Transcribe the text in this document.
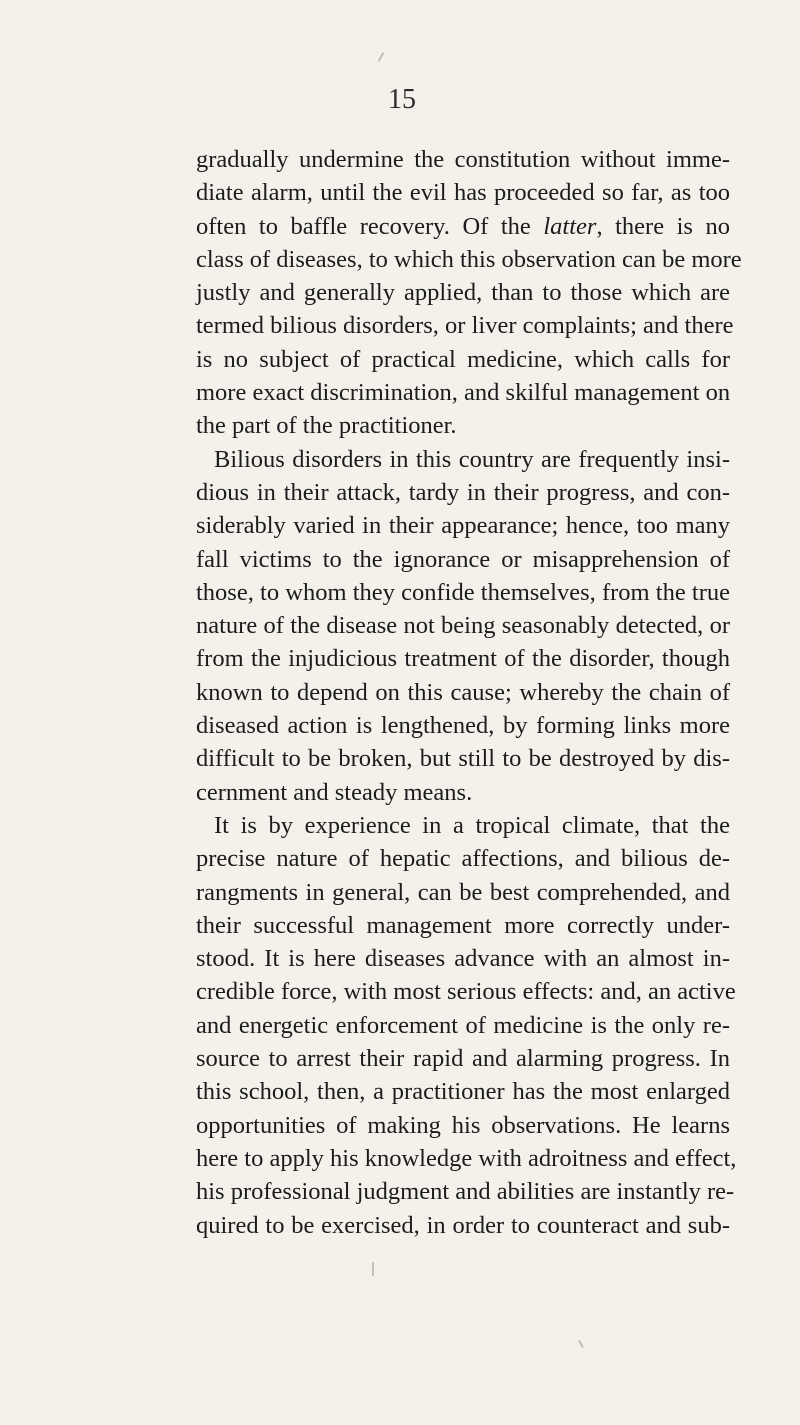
15
gradually undermine the constitution without imme-
diate alarm, until the evil has proceeded so far, as too
often to baffle recovery. Of the latter, there is no
class of diseases, to which this observation can be more
justly and generally applied, than to those which are
termed bilious disorders, or liver complaints; and there
is no subject of practical medicine, which calls for
more exact discrimination, and skilful management on
the part of the practitioner.
Bilious disorders in this country are frequently insi-
dious in their attack, tardy in their progress, and con-
siderably varied in their appearance; hence, too many
fall victims to the ignorance or misapprehension of
those, to whom they confide themselves, from the true
nature of the disease not being seasonably detected, or
from the injudicious treatment of the disorder, though
known to depend on this cause; whereby the chain of
diseased action is lengthened, by forming links more
difficult to be broken, but still to be destroyed by dis-
cernment and steady means.
It is by experience in a tropical climate, that the
precise nature of hepatic affections, and bilious de-
rangments in general, can be best comprehended, and
their successful management more correctly under-
stood. It is here diseases advance with an almost in-
credible force, with most serious effects: and, an active
and energetic enforcement of medicine is the only re-
source to arrest their rapid and alarming progress. In
this school, then, a practitioner has the most enlarged
opportunities of making his observations. He learns
here to apply his knowledge with adroitness and effect,
his professional judgment and abilities are instantly re-
quired to be exercised, in order to counteract and sub-
